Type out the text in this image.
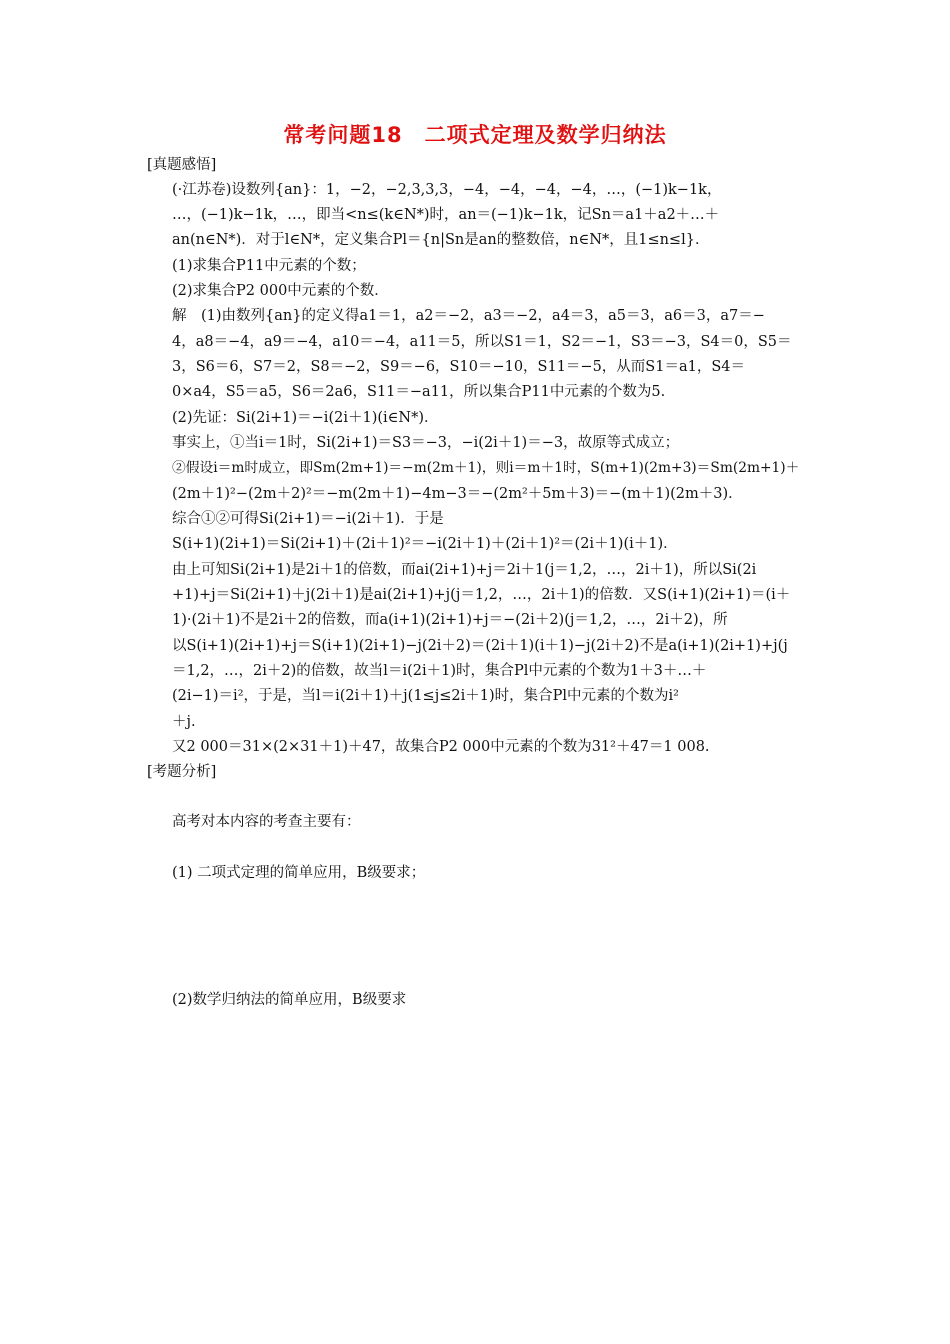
常考问题18　二项式定理及数学归纳法
[真题感悟]
(·江苏卷)设数列{an}：1，−2，−2,3,3,3，−4，−4，−4，−4，…，(−1)k−1k，
…，(−1)k−1k，…，即当<n≤(k∈N*)时，an＝(−1)k−1k，记Sn＝a1＋a2＋…＋
an(n∈N*)．对于l∈N*，定义集合Pl＝{n|Sn是an的整数倍，n∈N*，且1≤n≤l}．
(1)求集合P11中元素的个数；
(2)求集合P2 000中元素的个数．
解　(1)由数列{an}的定义得a1＝1，a2＝−2，a3＝−2，a4＝3，a5＝3，a6＝3，a7＝−
4，a8＝−4，a9＝−4，a10＝−4，a11＝5，所以S1＝1，S2＝−1，S3＝−3，S4＝0，S5＝
3，S6＝6，S7＝2，S8＝−2，S9＝−6，S10＝−10，S11＝−5，从而S1＝a1，S4＝
0×a4，S5＝a5，S6＝2a6，S11＝−a11，所以集合P11中元素的个数为5.
(2)先证：Si(2i+1)＝−i(2i＋1)(i∈N*)．
事实上，①当i＝1时，Si(2i+1)＝S3＝−3，−i(2i＋1)＝−3，故原等式成立；
②假设i＝m时成立，即Sm(2m+1)＝−m(2m＋1)，则i＝m＋1时，S(m+1)(2m+3)＝Sm(2m+1)＋
(2m＋1)²−(2m＋2)²＝−m(2m＋1)−4m−3＝−(2m²＋5m＋3)＝−(m＋1)(2m＋3)．
综合①②可得Si(2i+1)＝−i(2i＋1)．于是
S(i+1)(2i+1)＝Si(2i+1)＋(2i＋1)²＝−i(2i＋1)＋(2i＋1)²＝(2i＋1)(i＋1)．
由上可知Si(2i+1)是2i＋1的倍数，而ai(2i+1)+j＝2i＋1(j＝1,2，…，2i＋1)，所以Si(2i
+1)+j＝Si(2i+1)＋j(2i＋1)是ai(2i+1)+j(j＝1,2，…，2i＋1)的倍数．又S(i+1)(2i+1)＝(i＋
1)·(2i＋1)不是2i＋2的倍数，而a(i+1)(2i+1)+j＝−(2i＋2)(j＝1,2，…，2i＋2)，所
以S(i+1)(2i+1)+j＝S(i+1)(2i+1)−j(2i＋2)＝(2i＋1)(i＋1)−j(2i＋2)不是a(i+1)(2i+1)+j(j
＝1,2，…，2i＋2)的倍数，故当l＝i(2i＋1)时，集合Pl中元素的个数为1＋3＋…＋
(2i−1)＝i²，于是，当l＝i(2i＋1)＋j(1≤j≤2i＋1)时，集合Pl中元素的个数为i²
＋j.
又2 000＝31×(2×31＋1)＋47，故集合P2 000中元素的个数为31²＋47＝1 008.
[考题分析]
高考对本内容的考查主要有：
(1) 二项式定理的简单应用，B级要求；
(2)数学归纳法的简单应用，B级要求
